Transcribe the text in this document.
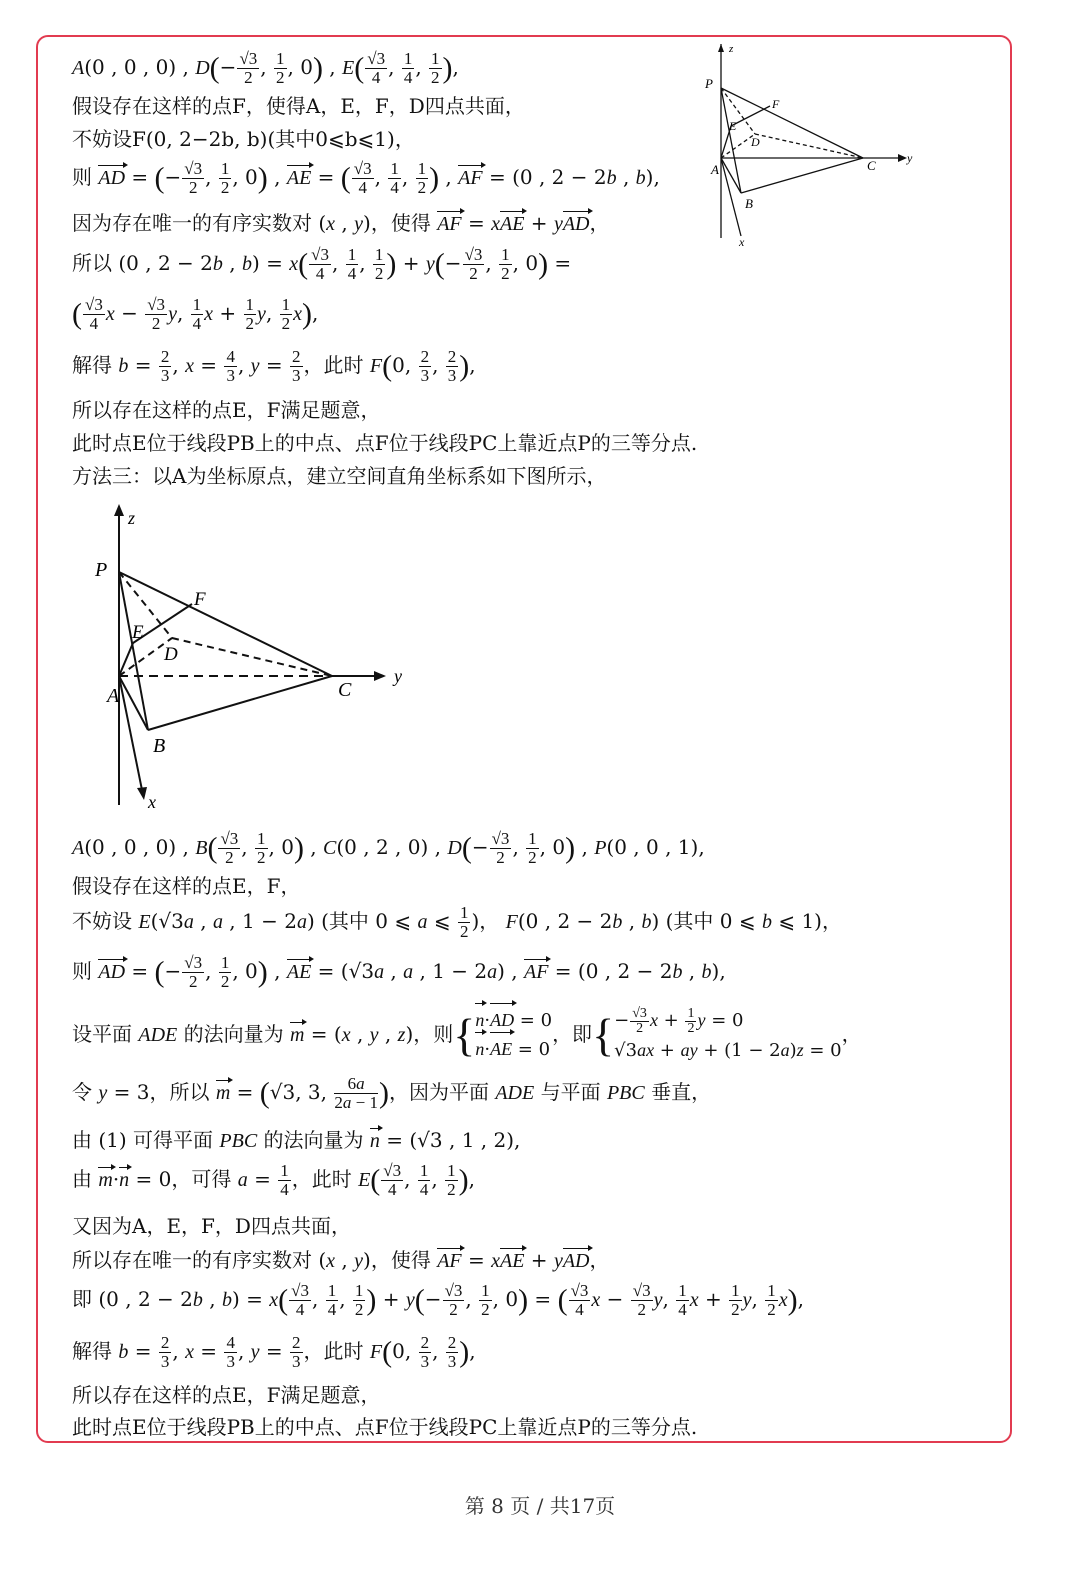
A(0 , 0 , 0) , $D(- \frac{√3}{2}$ , $\frac{1}{2}$ , 0) , $E( \frac{√3}{4}$ , $\frac{1}{4}$ , $\frac{1}{2}$ ),
假设存在这样的点F，使得A，E，F，D四点共面，
不妨设F(0, 2−2b, b)(其中0⩽b⩽1)，
则 AD = (− $\frac{√3}{2}$ , $\frac{1}{2}$ , 0) , AE = ( $\frac{√3}{4}$ , $\frac{1}{4}$ , $\frac{1}{2}$ ) , AF = (0 , 2 − 2b , b),
因为存在唯一的有序实数对 (x , y)，使得 AF = xAE + yAD，
所以 (0 , 2 − 2b , $b) = x( \frac{√3}{4}$ , $\frac{1}{4}$ , $\frac{1}{2}$ ) + $y(- \frac{√3}{2}$ , $\frac{1}{2}$ , 0) =
( $\frac{√3}{4}$ $x - \frac{√3}{2} y$, $\frac{1}{4}$ $x + \frac{1}{2} y$, $\frac{1}{2} x$),
解得 $b = \frac{2}{3}$ , $x = \frac{4}{3}$ , $y = \frac{2}{3}$ ，此时 F(0, $\frac{2}{3}$ , $\frac{2}{3}$ ),
所以存在这样的点E，F满足题意，
此时点E位于线段PB上的中点、点F位于线段PC上靠近点P的三等分点.
方法三：以A为坐标原点，建立空间直角坐标系如下图所示，
z
y
x
P
A
B
C
D
E
F
z
y
x
P
A
B
C
D
E
F
A(0 , 0 , 0) , $B( \frac{√3}{2}$ , $\frac{1}{2}$ , 0) , C(0 , 2 , 0) , $D(- \frac{√3}{2}$ , $\frac{1}{2}$ , 0) , P(0 , 0 , 1),
假设存在这样的点E，F，
不妨设 E(√3a , a , 1 − 2a) (其中 0 ⩽ a ⩽ $\frac{1}{2}$ )， F(0 , 2 − 2b , b) (其中 0 ⩽ b ⩽ 1)，
则 AD = (− $\frac{√3}{2}$ , $\frac{1}{2}$ , 0) , AE = (√3a , a , 1 − 2a) , AF = (0 , 2 − 2b , b),
设平面 ADE 的法向量为 m = (x , y , z)，则{n·AD = 0
n·AE = 0，即{− $\frac{√3}{2}$ $x + \frac{1}{2}$ y = 0
√3ax + ay + (1 − 2a)z = 0，
令 y = 3，所以 m = (√3, 3, $\frac{6a}{2a - 1}$ )，因为平面 ADE 与平面 PBC 垂直，
由 (1) 可得平面 PBC 的法向量为 n = (√3 , 1 , 2),
由 m·n = 0，可得 $a = \frac{1}{4}$ ，此时 $E( \frac{√3}{4}$ , $\frac{1}{4}$ , $\frac{1}{2}$ ),
又因为A，E，F，D四点共面，
所以存在唯一的有序实数对 (x , y)，使得 AF = xAE + yAD，
即 (0 , 2 − 2b , $b) = x( \frac{√3}{4}$ , $\frac{1}{4}$ , $\frac{1}{2}$ ) + $y(- \frac{√3}{2}$ , $\frac{1}{2}$ , 0) = ( $\frac{√3}{4}$ $x - \frac{√3}{2} y$, $\frac{1}{4}$ $x + \frac{1}{2} y$, $\frac{1}{2} x$),
解得 $b = \frac{2}{3}$ , $x = \frac{4}{3}$ , $y = \frac{2}{3}$ ，此时 F(0, $\frac{2}{3}$ , $\frac{2}{3}$ ),
所以存在这样的点E，F满足题意，
此时点E位于线段PB上的中点、点F位于线段PC上靠近点P的三等分点.
第 8 页 / 共17页
